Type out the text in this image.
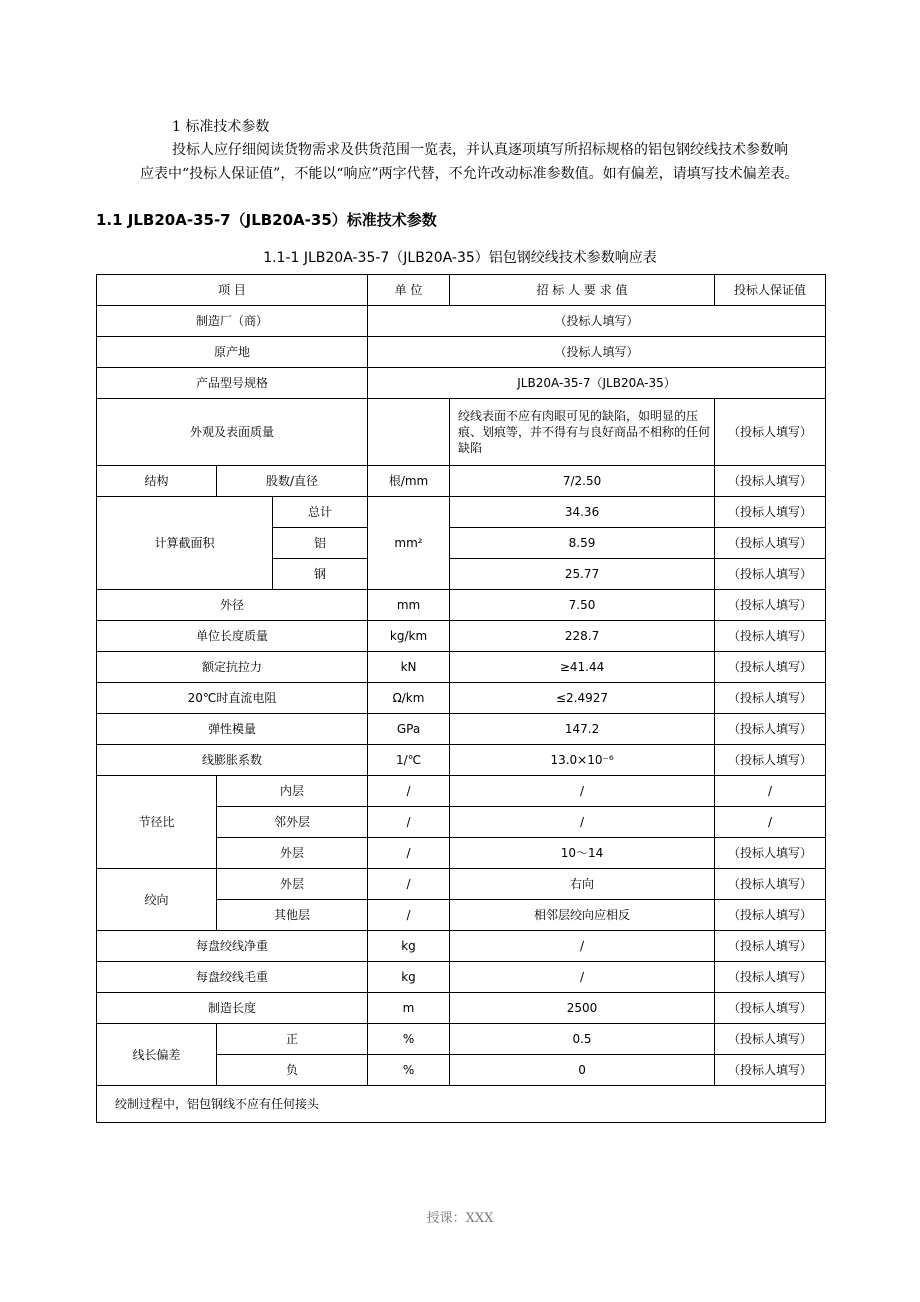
1 标准技术参数
投标人应仔细阅读货物需求及供货范围一览表，并认真逐项填写所招标规格的铝包钢绞线技术参数响应表中“投标人保证值”，不能以“响应”两字代替，不允许改动标准参数值。如有偏差，请填写技术偏差表。
1.1 JLB20A-35-7（JLB20A-35）标准技术参数
1.1-1 JLB20A-35-7（JLB20A-35）铝包钢绞线技术参数响应表
项 目			单 位	招 标 人 要 求 值	投标人保证值
制造厂（商）			（投标人填写）		
原产地			（投标人填写）		
产品型号规格			JLB20A-35-7（JLB20A-35）		
外观及表面质量				绞线表面不应有肉眼可见的缺陷，如明显的压痕、划痕等，并不得有与良好商品不相称的任何缺陷	（投标人填写）
结构	股数/直径		根/mm	7/2.50	（投标人填写）
计算截面积		总计	mm²	34.36	（投标人填写）
		铝		8.59	（投标人填写）
		钢		25.77	（投标人填写）
外径			mm	7.50	（投标人填写）
单位长度质量			kg/km	228.7	（投标人填写）
额定抗拉力			kN	≥41.44	（投标人填写）
20℃时直流电阻			Ω/km	≤2.4927	（投标人填写）
弹性模量			GPa	147.2	（投标人填写）
线膨胀系数			1/℃	13.0×10⁻⁶	（投标人填写）
节径比	内层		/	/	/
	邻外层		/	/	/
	外层		/	10～14	（投标人填写）
绞向	外层		/	右向	（投标人填写）
	其他层		/	相邻层绞向应相反	（投标人填写）
每盘绞线净重			kg	/	（投标人填写）
每盘绞线毛重			kg	/	（投标人填写）
制造长度			m	2500	（投标人填写）
线长偏差	正		%	0.5	（投标人填写）
	负		%	0	（投标人填写）
绞制过程中，铝包钢线不应有任何接头					
授课：XXX
